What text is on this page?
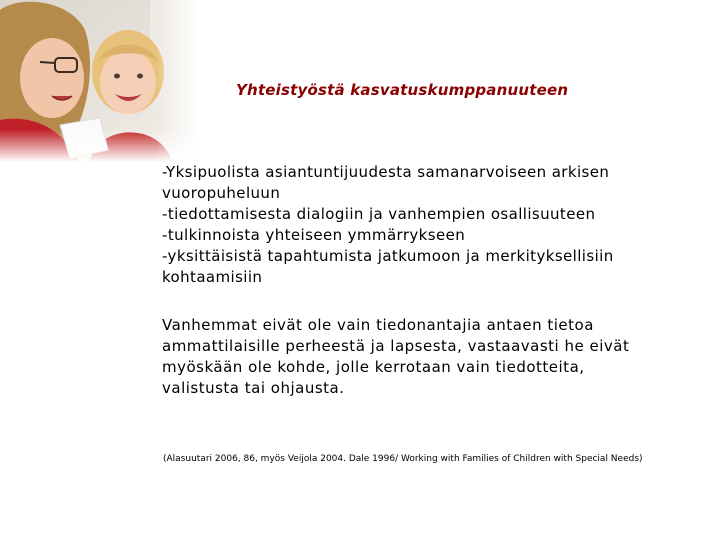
Yhteistyöstä kasvatuskumppanuuteen
-Yksipuolista asiantuntijuudesta samanarvoiseen arkisen
vuoropuheluun
-tiedottamisesta dialogiin ja vanhempien osallisuuteen
-tulkinnoista yhteiseen ymmärrykseen
-yksittäisistä tapahtumista jatkumoon ja merkityksellisiin
kohtaamisiin
Vanhemmat eivät ole vain tiedonantajia antaen tietoa
ammattilaisille perheestä ja lapsesta, vastaavasti he eivät
myöskään ole kohde, jolle kerrotaan vain tiedotteita,
valistusta tai ohjausta.
(Alasuutari 2006, 86, myös Veijola 2004. Dale 1996/ Working with Families of Children with Special Needs)
